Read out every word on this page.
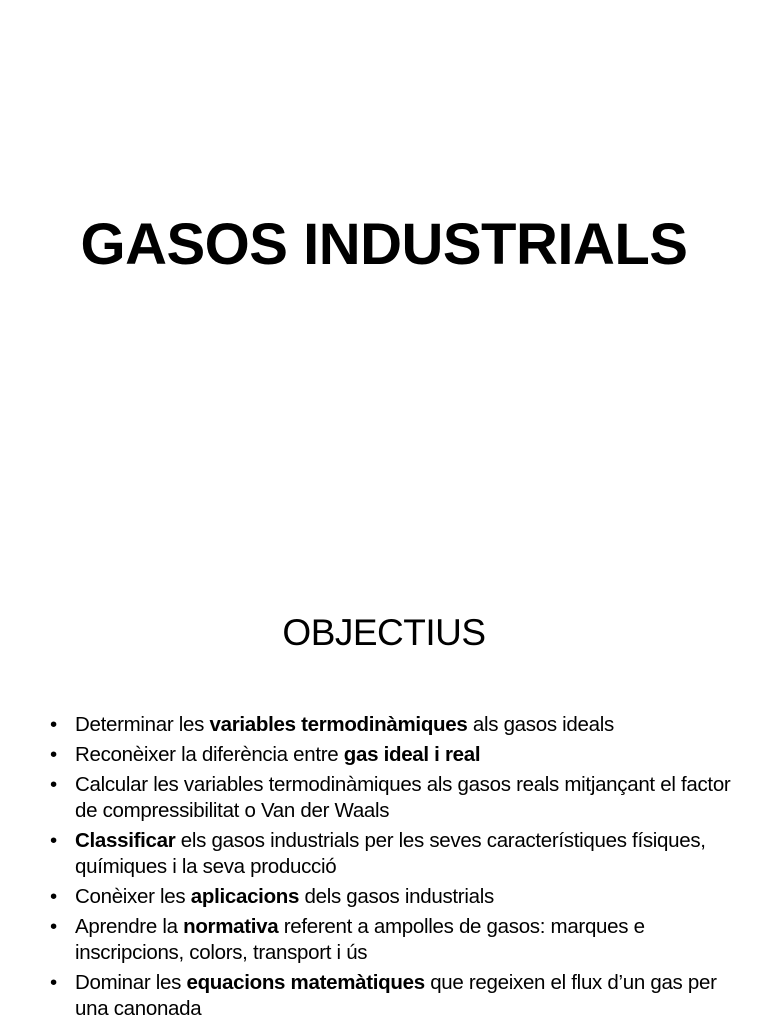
GASOS INDUSTRIALS
OBJECTIUS
• Determinar les variables termodinàmiques als gasos ideals
• Reconèixer la diferència entre gas ideal i real
• Calcular les variables termodinàmiques als gasos reals mitjançant el factor de compressibilitat o Van der Waals
• Classificar els gasos industrials per les seves característiques físiques, químiques i la seva producció
• Conèixer les aplicacions dels gasos industrials
• Aprendre la normativa referent a ampolles de gasos: marques e inscripcions, colors, transport i ús
• Dominar les equacions matemàtiques que regeixen el flux d’un gas per una canonada
